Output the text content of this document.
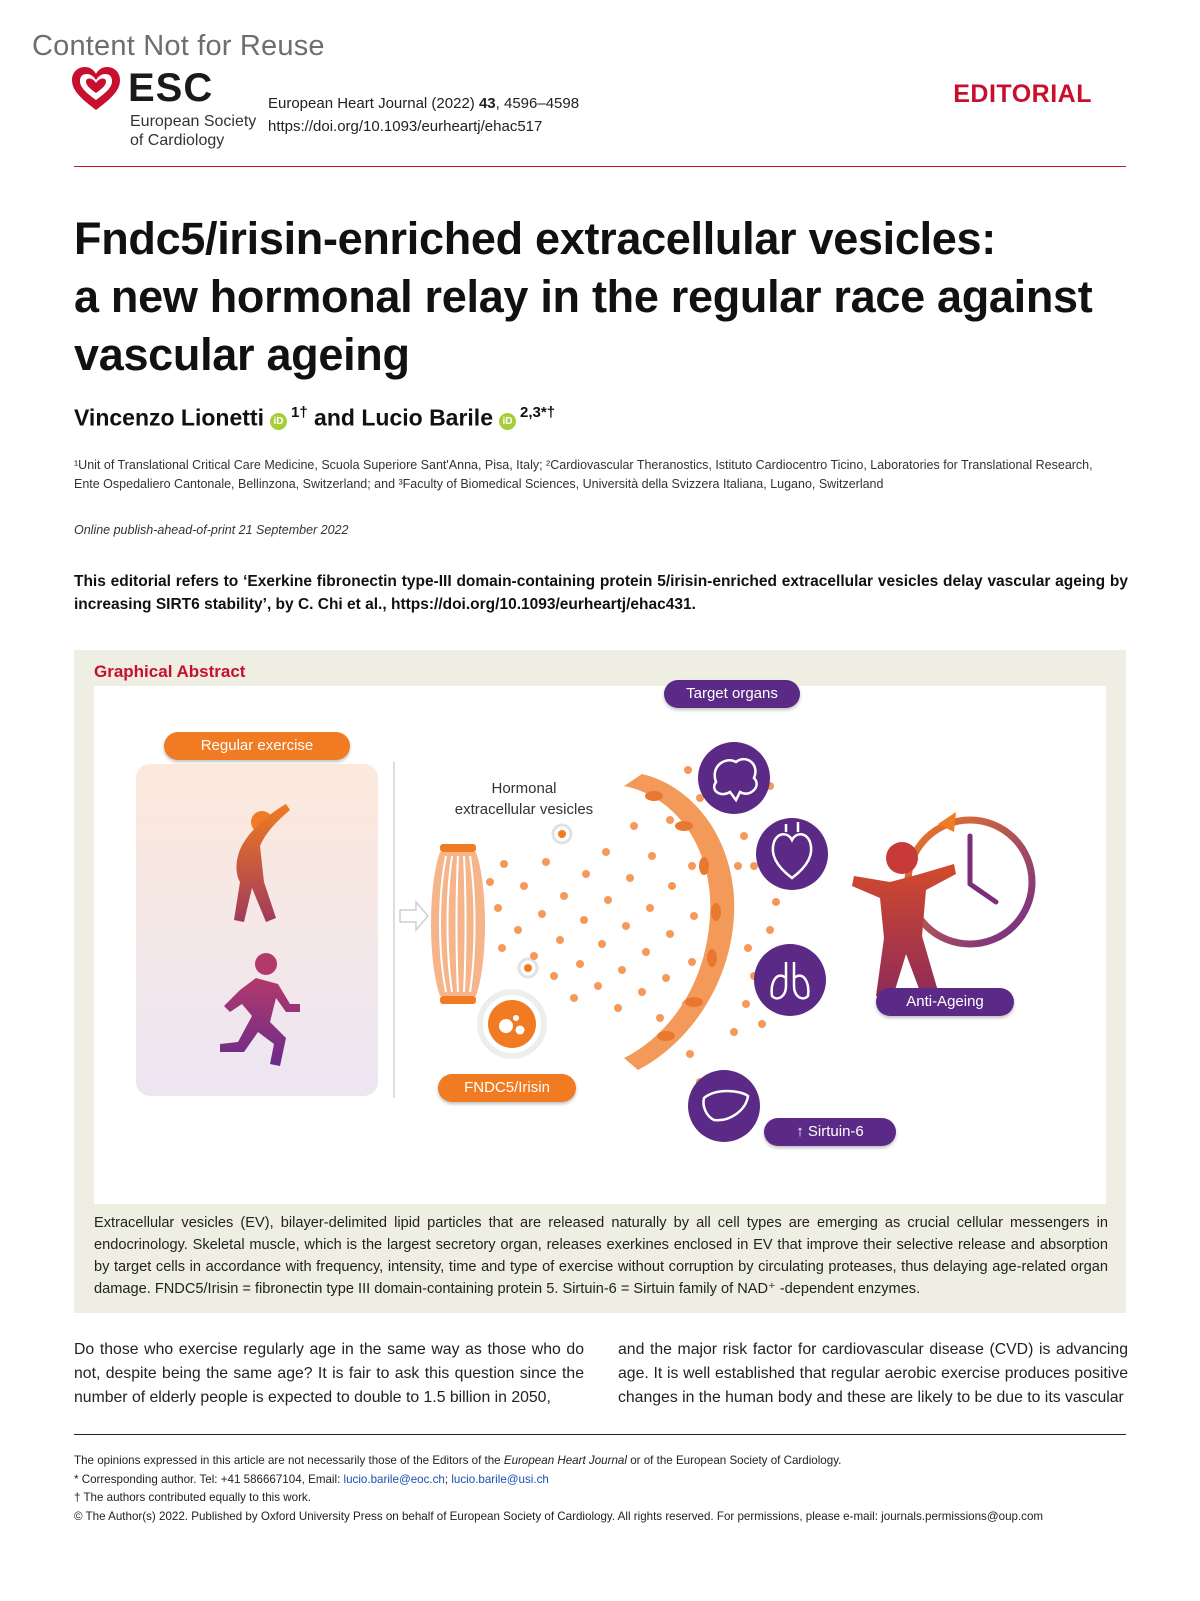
Content Not for Reuse
ESC
European Society
of Cardiology
European Heart Journal (2022) 43, 4596–4598
https://doi.org/10.1093/eurheartj/ehac517
EDITORIAL
Fndc5/irisin-enriched extracellular vesicles:
a new hormonal relay in the regular race against
vascular ageing
Vincenzo Lionetti $iD^{1\dagger}$ and Lucio Barile $iD^{2,3*\dagger}$
¹Unit of Translational Critical Care Medicine, Scuola Superiore Sant'Anna, Pisa, Italy; ²Cardiovascular Theranostics, Istituto Cardiocentro Ticino, Laboratories for Translational Research,
Ente Ospedaliero Cantonale, Bellinzona, Switzerland; and ³Faculty of Biomedical Sciences, Università della Svizzera Italiana, Lugano, Switzerland
Online publish-ahead-of-print 21 September 2022
This editorial refers to ‘Exerkine fibronectin type-III domain-containing protein 5/irisin-enriched extracellular vesicles delay vascular ageing by increasing SIRT6 stability’, by C. Chi et al., https://doi.org/10.1093/eurheartj/ehac431.
Graphical Abstract
Regular exercise
Hormonal
extracellular vesicles
FNDC5/Irisin
Target organs
Anti-Ageing
↑ Sirtuin-6
Extracellular vesicles (EV), bilayer-delimited lipid particles that are released naturally by all cell types are emerging as crucial cellular messengers in endocrinology. Skeletal muscle, which is the largest secretory organ, releases exerkines enclosed in EV that improve their selective release and absorption by target cells in accordance with frequency, intensity, time and type of exercise without corruption by circulating proteases, thus delaying age-related organ damage. FNDC5/Irisin = fibronectin type III domain-containing protein 5. Sirtuin-6 = Sirtuin family of NAD⁺ -dependent enzymes.
Do those who exercise regularly age in the same way as those who do not, despite being the same age? It is fair to ask this question since the number of elderly people is expected to double to 1.5 billion in 2050,
and the major risk factor for cardiovascular disease (CVD) is advancing age. It is well established that regular aerobic exercise produces positive changes in the human body and these are likely to be due to its vascular
The opinions expressed in this article are not necessarily those of the Editors of the European Heart Journal or of the European Society of Cardiology.
* Corresponding author. Tel: +41 586667104, Email: lucio.barile@eoc.ch; lucio.barile@usi.ch
† The authors contributed equally to this work.
© The Author(s) 2022. Published by Oxford University Press on behalf of European Society of Cardiology. All rights reserved. For permissions, please e-mail: journals.permissions@oup.com
